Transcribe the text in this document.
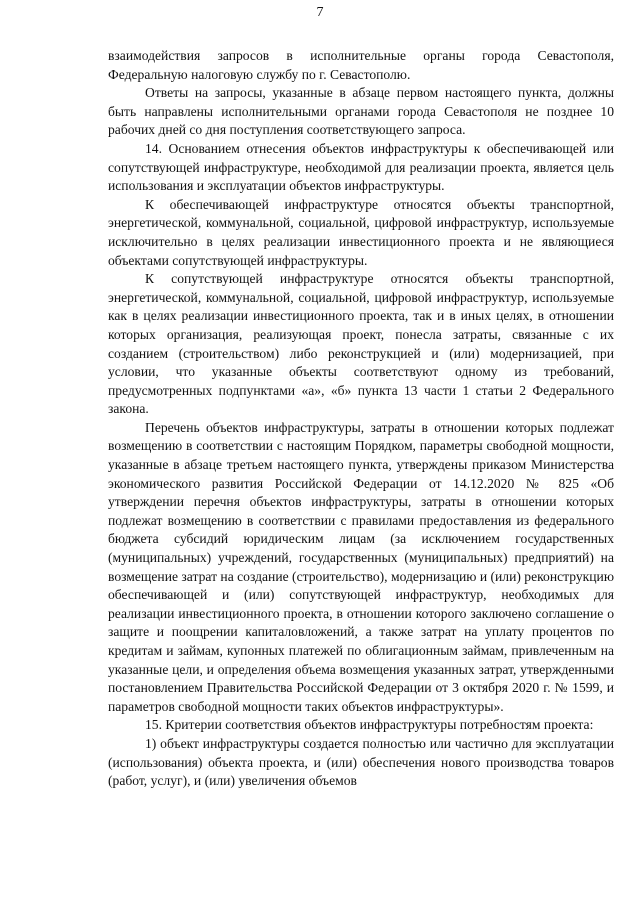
7

взаимодействия запросов в исполнительные органы города Севастополя, Федеральную налоговую службу по г. Севастополю.

Ответы на запросы, указанные в абзаце первом настоящего пункта, должны быть направлены исполнительными органами города Севастополя не позднее 10 рабочих дней со дня поступления соответствующего запроса.

14. Основанием отнесения объектов инфраструктуры к обеспечивающей или сопутствующей инфраструктуре, необходимой для реализации проекта, является цель использования и эксплуатации объектов инфраструктуры.

К обеспечивающей инфраструктуре относятся объекты транспортной, энергетической, коммунальной, социальной, цифровой инфраструктур, используемые исключительно в целях реализации инвестиционного проекта и не являющиеся объектами сопутствующей инфраструктуры.

К сопутствующей инфраструктуре относятся объекты транспортной, энергетической, коммунальной, социальной, цифровой инфраструктур, используемые как в целях реализации инвестиционного проекта, так и в иных целях, в отношении которых организация, реализующая проект, понесла затраты, связанные с их созданием (строительством) либо реконструкцией и (или) модернизацией, при условии, что указанные объекты соответствуют одному из требований, предусмотренных подпунктами «а», «б» пункта 13 части 1 статьи 2 Федерального закона.

Перечень объектов инфраструктуры, затраты в отношении которых подлежат возмещению в соответствии с настоящим Порядком, параметры свободной мощности, указанные в абзаце третьем настоящего пункта, утверждены приказом Министерства экономического развития Российской Федерации от 14.12.2020 № 825 «Об утверждении перечня объектов инфраструктуры, затраты в отношении которых подлежат возмещению в соответствии с правилами предоставления из федерального бюджета субсидий юридическим лицам (за исключением государственных (муниципальных) учреждений, государственных (муниципальных) предприятий) на возмещение затрат на создание (строительство), модернизацию и (или) реконструкцию обеспечивающей и (или) сопутствующей инфраструктур, необходимых для реализации инвестиционного проекта, в отношении которого заключено соглашение о защите и поощрении капиталовложений, а также затрат на уплату процентов по кредитам и займам, купонных платежей по облигационным займам, привлеченным на указанные цели, и определения объема возмещения указанных затрат, утвержденными постановлением Правительства Российской Федерации от 3 октября 2020 г. № 1599, и параметров свободной мощности таких объектов инфраструктуры».

15. Критерии соответствия объектов инфраструктуры потребностям проекта:

1) объект инфраструктуры создается полностью или частично для эксплуатации (использования) объекта проекта, и (или) обеспечения нового производства товаров (работ, услуг), и (или) увеличения объемов
